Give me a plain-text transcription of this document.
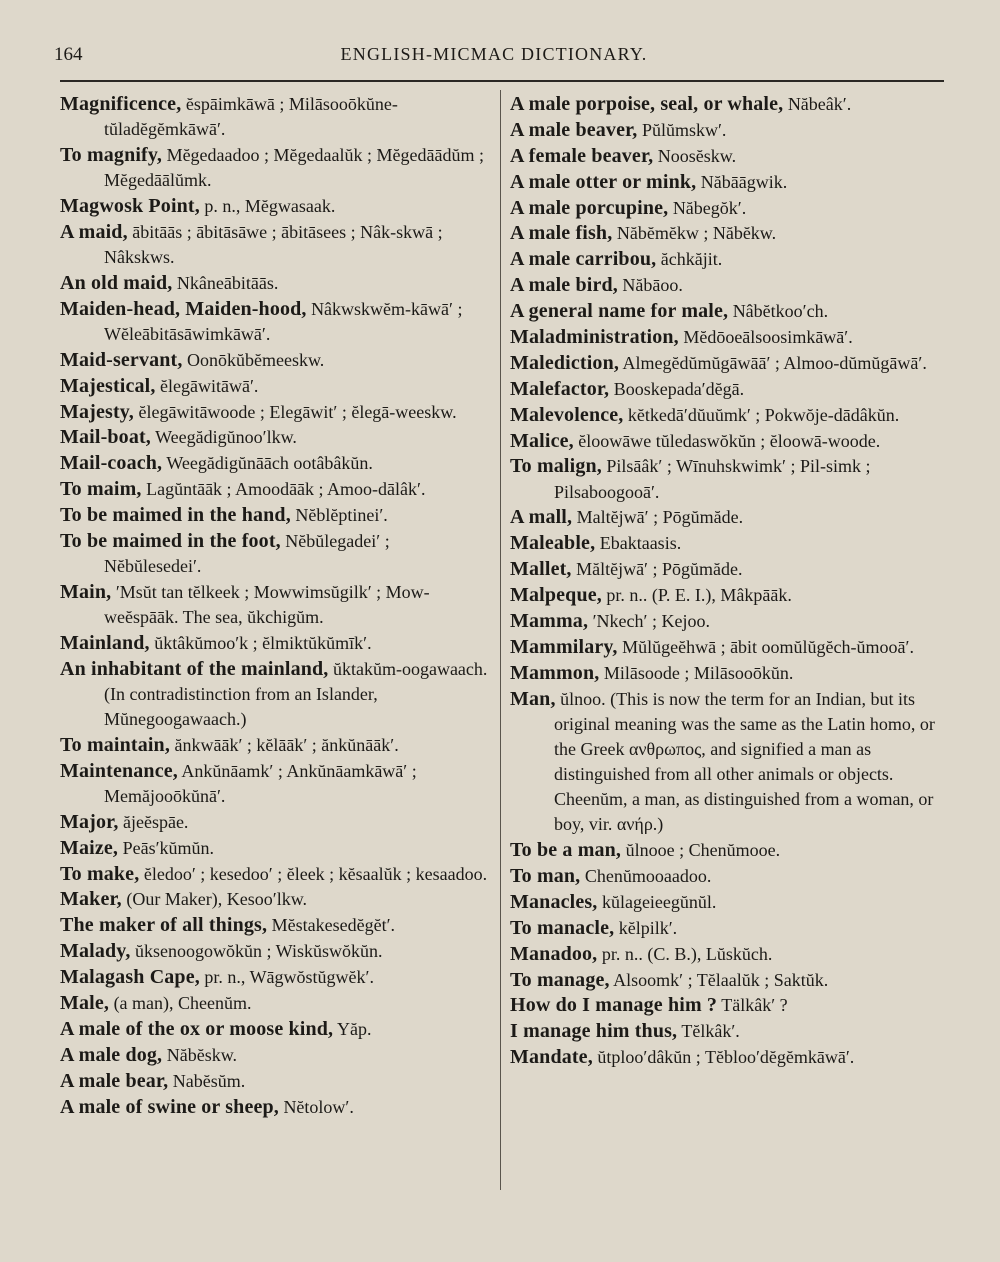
164	ENGLISH-MICMAC DICTIONARY.

Magnificence, ĕspāimkāwā ; Milāsooōkŭne-tŭladĕgĕmkāwā′.

To magnify, Mĕgedaadoo ; Mĕgedaalŭk ; Mĕgedāādŭm ; Mĕgedāālŭmk.

Magwosk Point, p. n., Mĕgwasaak.

A maid, ābitāās ; ābitāsāwe ; ābitāsees ; Nâk-skwā ; Nâkskws.

An old maid, Nkâneābitāās.

Maiden-head, Maiden-hood, Nâkwskwĕm-kāwā′ ; Wĕleābitāsāwimkāwā′.

Maid-servant, Oonōkŭbĕmeeskw.

Majestical, ĕlegāwitāwā′.

Majesty, ĕlegāwitāwoode ; Elegāwit′ ; ĕlegā-weeskw.

Mail-boat, Weegădigŭnoo′lkw.

Mail-coach, Weegădigŭnāāch ootâbâkŭn.

To maim, Lagŭntāāk ; Amoodāāk ; Amoo-dālâk′.

To be maimed in the hand, Nĕblĕptinei′.

To be maimed in the foot, Nĕbŭlegadei′ ; Nĕbŭlesedei′.

Main, ′Msŭt tan tĕlkeek ; Mowwimsŭgilk′ ; Mow-weĕspāāk. The sea, ŭkchigŭm.

Mainland, ŭktâkŭmoo′k ; ĕlmiktŭkŭmīk′.

An inhabitant of the mainland, ŭktakŭm-oogawaach. (In contradistinction from an Islander, Mŭnegoogawaach.)

To maintain, ănkwāāk′ ; kĕlāāk′ ; ănkŭnāāk′.

Maintenance, Ankŭnāamk′ ; Ankŭnāamkāwā′ ; Memăjooōkŭnā′.

Major, ăjeĕspāe.

Maize, Peās′kŭmŭn.

To make, ĕledoo′ ; kesedoo′ ; ĕleek ; kĕsaalŭk ; kesaadoo.

Maker, (Our Maker), Kesoo′lkw.

The maker of all things, Mĕstakesedĕgĕt′.

Malady, ŭksenoogowŏkŭn ; Wiskŭswŏkŭn.

Malagash Cape, pr. n., Wāgwŏstŭgwĕk′.

Male, (a man), Cheenŭm.

A male of the ox or moose kind, Yăp.

A male dog, Năbĕskw.

A male bear, Nabĕsŭm.

A male of swine or sheep, Nĕtolow′.

A male porpoise, seal, or whale, Năbeâk′.

A male beaver, Pŭlŭmskw′.

A female beaver, Noosĕskw.

A male otter or mink, Năbāāgwik.

A male porcupine, Năbegŏk′.

A male fish, Năbĕmĕkw ; Năbĕkw.

A male carribou, ăchkăjit.

A male bird, Năbāoo.

A general name for male, Nâbĕtkoo′ch.

Maladministration, Mĕdōoeālsoosimkāwā′.

Malediction, Almegĕdŭmŭgāwāā′ ; Almoo-dŭmŭgāwā′.

Malefactor, Booskepada′dĕgā.

Malevolence, kĕtkedā′dŭuŭmk′ ; Pokwŏje-dādâkŭn.

Malice, ĕloowāwe tŭledaswŏkŭn ; ĕloowā-woode.

To malign, Pilsāâk′ ; Wīnuhskwimk′ ; Pil-simk ; Pilsaboogooā′.

A mall, Maltĕjwā′ ; Pōgŭmăde.

Maleable, Ebaktaasis.

Mallet, Măltĕjwā′ ; Pōgŭmăde.

Malpeque, pr. n.. (P. E. I.), Mâkpāāk.

Mamma, ′Nkech′ ; Kejoo.

Mammilary, Mŭlŭgeĕhwā ; ābit oomŭlŭgĕch-ŭmooā′.

Mammon, Milāsoode ; Milāsooōkŭn.

Man, ŭlnoo. (This is now the term for an Indian, but its original meaning was the same as the Latin homo, or the Greek ανθρωπος, and signified a man as distinguished from all other animals or objects. Cheenŭm, a man, as distinguished from a woman, or boy, vir. ανήρ.)

To be a man, ŭlnooe ; Chenŭmooe.

To man, Chenŭmooaadoo.

Manacles, kŭlageieegŭnŭl.

To manacle, kĕlpilk′.

Manadoo, pr. n.. (C. B.), Lŭskŭch.

To manage, Alsoomk′ ; Tĕlaalŭk ; Saktŭk.

How do I manage him ? Tälkâk′ ?

I manage him thus, Tĕlkâk′.

Mandate, ŭtploo′dâkŭn ; Tĕbloo′dĕgĕmkāwā′.
